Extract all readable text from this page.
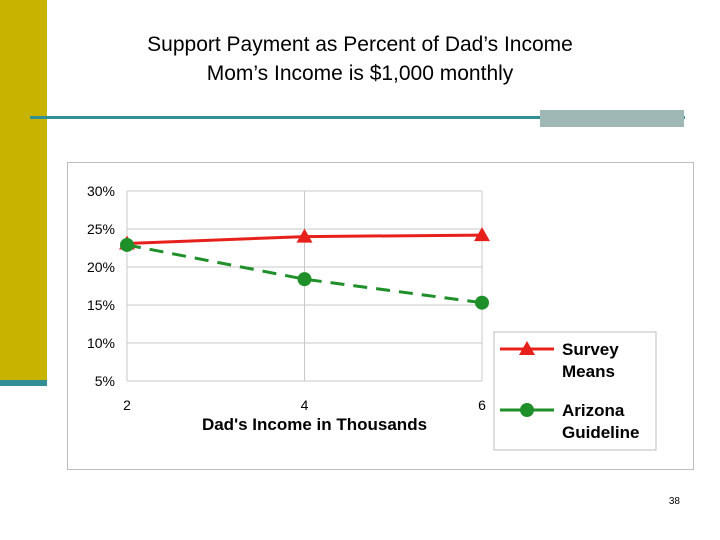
Support Payment as Percent of Dad’s Income
Mom’s Income is $1,000 monthly
5%
10%
15%
20%
25%
30%
2	4	6
Dad's Income in Thousands
Survey
Means
Arizona
Guideline
38
